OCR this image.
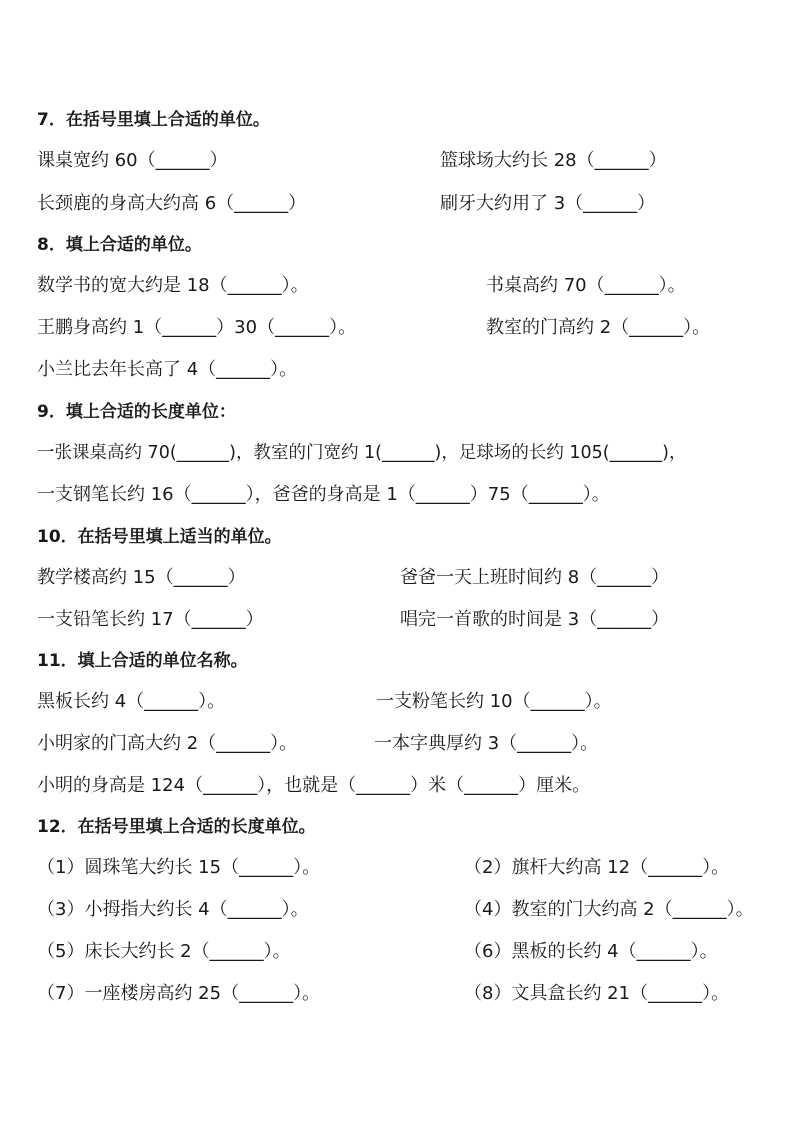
7．在括号里填上合适的单位。
课桌宽约 60（______）	篮球场大约长 28（______）
长颈鹿的身高大约高 6（______）	刷牙大约用了 3（______）
8．填上合适的单位。
数学书的宽大约是 18（______）。	书桌高约 70（______）。
王鹏身高约 1（______）30（______）。	教室的门高约 2（______）。
小兰比去年长高了 4（______）。
9．填上合适的长度单位：
一张课桌高约 70(______)，教室的门宽约 1(______)，足球场的长约 105(______)，
一支钢笔长约 16（______），爸爸的身高是 1（______）75（______）。
10．在括号里填上适当的单位。
教学楼高约 15（______）	爸爸一天上班时间约 8（______）
一支铅笔长约 17（______）	唱完一首歌的时间是 3（______）
11．填上合适的单位名称。
黑板长约 4（______）。	一支粉笔长约 10（______）。
小明家的门高大约 2（______）。	一本字典厚约 3（______）。
小明的身高是 124（______），也就是（______）米（______）厘米。
12．在括号里填上合适的长度单位。
（1）圆珠笔大约长 15（______）。	（2）旗杆大约高 12（______）。
（3）小拇指大约长 4（______）。	（4）教室的门大约高 2（______）。
（5）床长大约长 2（______）。	（6）黑板的长约 4（______）。
（7）一座楼房高约 25（______）。	（8）文具盒长约 21（______）。
